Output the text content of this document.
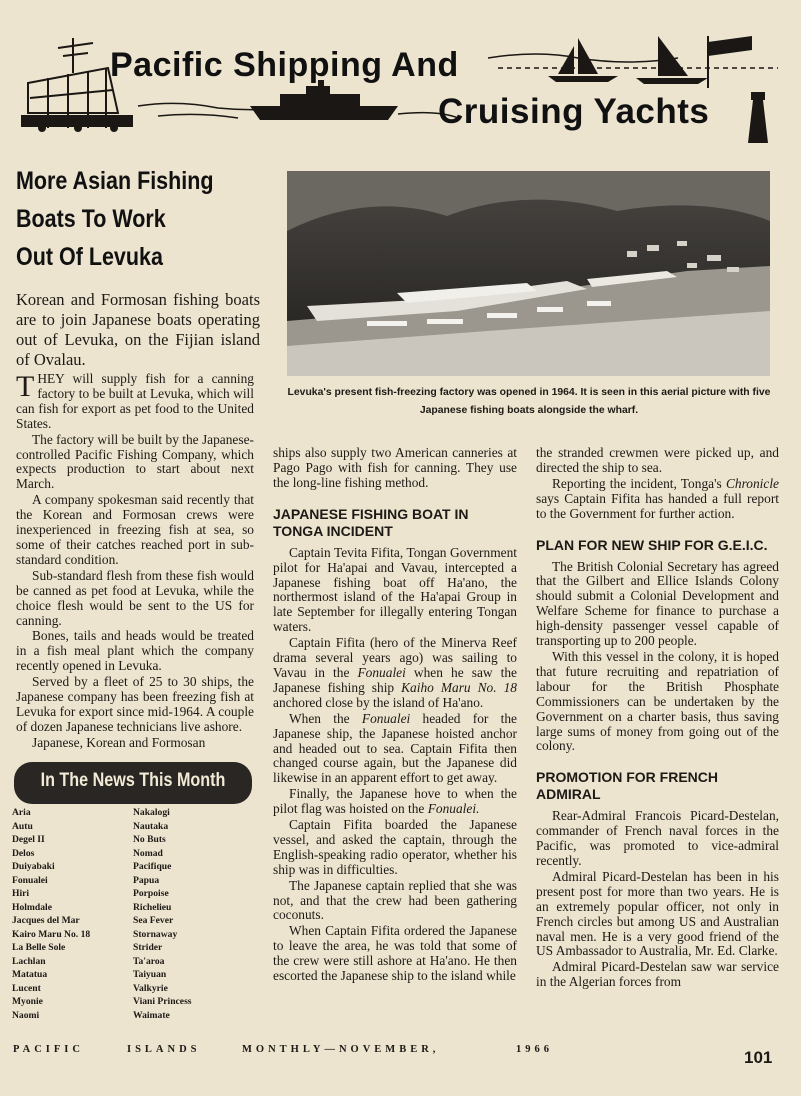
Pacific Shipping And
Cruising Yachts
More Asian Fishing
Boats To Work
Out Of Levuka
Korean and Formosan fishing boats are to join Japanese boats operating out of Levuka, on the Fijian island of Ovalau.
Levuka's present fish-freezing factory was opened in 1964. It is seen in this aerial picture with five Japanese fishing boats alongside the wharf.

THEY will supply fish for a canning factory to be built at Levuka, which will can fish for export as pet food to the United States.

The factory will be built by the Japanese-controlled Pacific Fishing Company, which expects production to start about next March.

A company spokesman said recently that the Korean and Formosan crews were inexperienced in freezing fish at sea, so some of their catches reached port in sub-standard condition.

Sub-standard flesh from these fish would be canned as pet food at Levuka, while the choice flesh would be sent to the US for canning.

Bones, tails and heads would be treated in a fish meal plant which the company recently opened in Levuka.

Served by a fleet of 25 to 30 ships, the Japanese company has been freezing fish at Levuka for export since mid-1964. A couple of dozen Japanese technicians live ashore.

Japanese, Korean and Formosan

In The News This Month
Aria
Autu
Degel II
Delos
Duiyabaki
Fonualei
Hiri
Holmdale
Jacques del Mar
Kairo Maru No. 18
La Belle Sole
Lachlan
Matatua
Lucent
Myonie
Naomi
Nakalogi
Nautaka
No Buts
Nomad
Pacifique
Papua
Porpoise
Richelieu
Sea Fever
Stornaway
Strider
Ta'aroa
Taiyuan
Valkyrie
Viani Princess
Waimate

ships also supply two American canneries at Pago Pago with fish for canning. They use the long-line fishing method.

JAPANESE FISHING BOAT IN TONGA INCIDENT

Captain Tevita Fifita, Tongan Government pilot for Ha'apai and Vavau, intercepted a Japanese fishing boat off Ha'ano, the northermost island of the Ha'apai Group in late September for illegally entering Tongan waters.

Captain Fifita (hero of the Minerva Reef drama several years ago) was sailing to Vavau in the Fonualei when he saw the Japanese fishing ship Kaiho Maru No. 18 anchored close by the island of Ha'ano.

When the Fonualei headed for the Japanese ship, the Japanese hoisted anchor and headed out to sea. Captain Fifita then changed course again, but the Japanese did likewise in an apparent effort to get away.

Finally, the Japanese hove to when the pilot flag was hoisted on the Fonualei.

Captain Fifita boarded the Japanese vessel, and asked the captain, through the English-speaking radio operator, whether his ship was in difficulties.

The Japanese captain replied that she was not, and that the crew had been gathering coconuts.

When Captain Fifita ordered the Japanese to leave the area, he was told that some of the crew were still ashore at Ha'ano. He then escorted the Japanese ship to the island while

the stranded crewmen were picked up, and directed the ship to sea.

Reporting the incident, Tonga's Chronicle says Captain Fifita has handed a full report to the Government for further action.

PLAN FOR NEW SHIP FOR G.E.I.C.

The British Colonial Secretary has agreed that the Gilbert and Ellice Islands Colony should submit a Colonial Development and Welfare Scheme for finance to purchase a high-density passenger vessel capable of transporting up to 200 people.

With this vessel in the colony, it is hoped that future recruiting and repatriation of labour for the British Phosphate Commissioners can be undertaken by the Government on a charter basis, thus saving large sums of money from going out of the colony.

PROMOTION FOR FRENCH ADMIRAL

Rear-Admiral Francois Picard-Destelan, commander of French naval forces in the Pacific, was promoted to vice-admiral recently.

Admiral Picard-Destelan has been in his present post for more than two years. He is an extremely popular officer, not only in French circles but among US and Australian naval men. He is a very good friend of the US Ambassador to Australia, Mr. Ed. Clarke.

Admiral Picard-Destelan saw war service in the Algerian forces from

PACIFIC	ISLANDS	MONTHLY—NOVEMBER,	1966	101
